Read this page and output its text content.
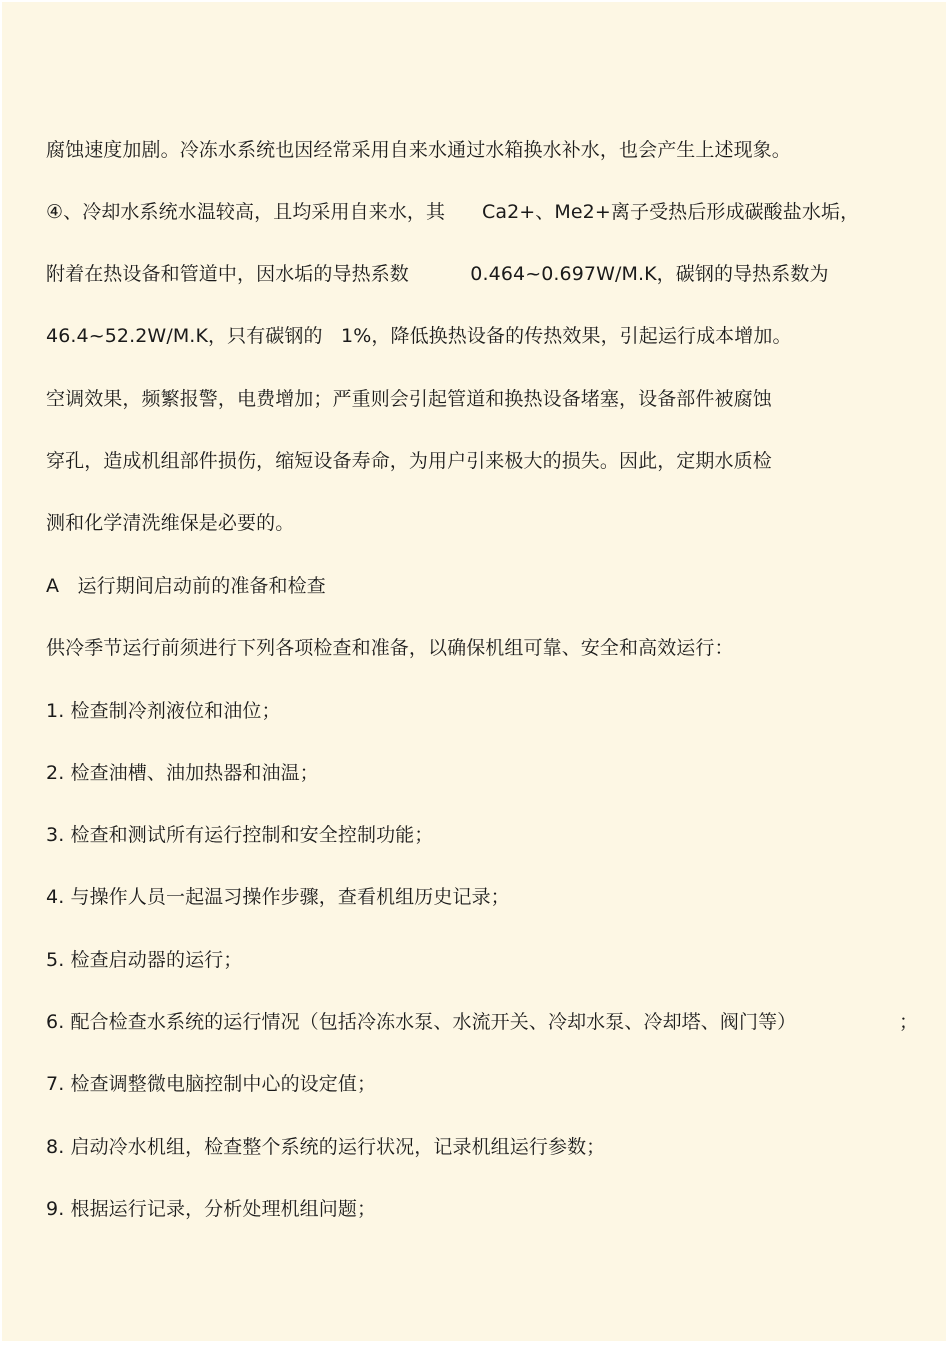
腐蚀速度加剧。冷冻水系统也因经常采用自来水通过水箱换水补水，也会产生上述现象。
④、冷却水系统水温较高，且均采用自来水，其      Ca2+、Me2+离子受热后形成碳酸盐水垢，
附着在热设备和管道中，因水垢的导热系数          0.464~0.697W/M.K，碳钢的导热系数为
46.4~52.2W/M.K，只有碳钢的   1%，降低换热设备的传热效果，引起运行成本增加。
空调效果，频繁报警，电费增加；严重则会引起管道和换热设备堵塞，设备部件被腐蚀
穿孔，造成机组部件损伤，缩短设备寿命，为用户引来极大的损失。因此，定期水质检
测和化学清洗维保是必要的。
A   运行期间启动前的准备和检查
供冷季节运行前须进行下列各项检查和准备，以确保机组可靠、安全和高效运行：
1. 检查制冷剂液位和油位；
2. 检查油槽、油加热器和油温；
3. 检查和测试所有运行控制和安全控制功能；
4. 与操作人员一起温习操作步骤，查看机组历史记录；
5. 检查启动器的运行；
6. 配合检查水系统的运行情况（包括冷冻水泵、水流开关、冷却水泵、冷却塔、阀门等）	；
7. 检查调整微电脑控制中心的设定值；
8. 启动冷水机组，检查整个系统的运行状况，记录机组运行参数；
9. 根据运行记录，分析处理机组问题；
